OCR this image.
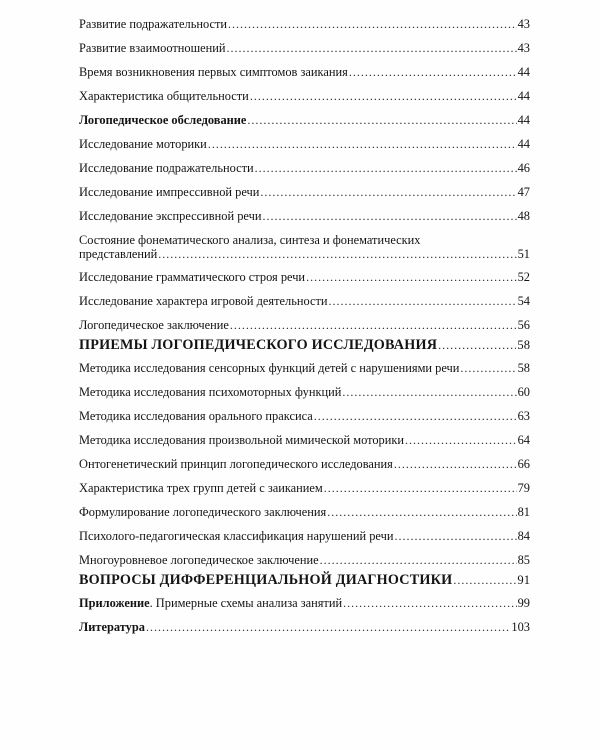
Развитие подражательности .....	43
Развитие взаимоотношений .....	43
Время возникновения первых симптомов заикания .....	44
Характеристика общительности .....	44
Логопедическое обследование .....	44
Исследование моторики .....	44
Исследование подражательности .....	46
Исследование импрессивной речи .....	47
Исследование экспрессивной речи .....	48
Состояние фонематического анализа, синтеза и фонематических
представлений .....	51
Исследование грамматического строя речи .....	52
Исследование характера игровой деятельности .....	54
Логопедическое заключение .....	56
ПРИЕМЫ ЛОГОПЕДИЧЕСКОГО ИССЛЕДОВАНИЯ .....	58
Методика исследования сенсорных функций детей с нарушениями речи .....	58
Методика исследования психомоторных функций .....	60
Методика исследования орального праксиса .....	63
Методика исследования произвольной мимической моторики .....	64
Онтогенетический принцип логопедического исследования .....	66
Характеристика трех групп детей с заиканием .....	79
Формулирование логопедического заключения .....	81
Психолого-педагогическая классификация нарушений речи .....	84
Многоуровневое логопедическое заключение .....	85
ВОПРОСЫ ДИФФЕРЕНЦИАЛЬНОЙ ДИАГНОСТИКИ .....	91
Приложение . Примерные схемы анализа занятий .....	99
Литература .....	103
